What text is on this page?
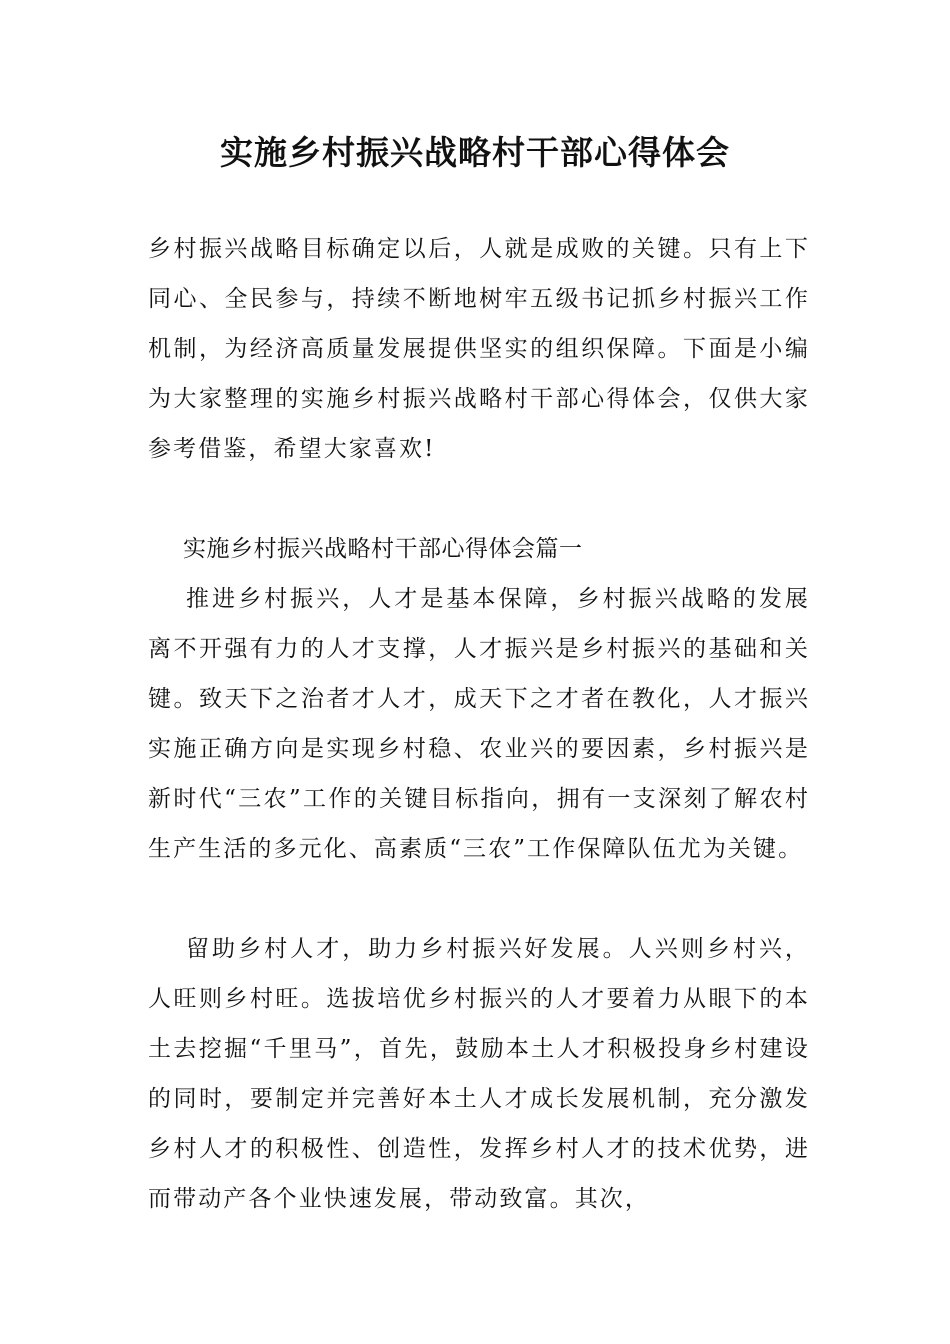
实施乡村振兴战略村干部心得体会

乡村振兴战略目标确定以后，人就是成败的关键。只有上下同心、全民参与，持续不断地树牢五级书记抓乡村振兴工作机制，为经济高质量发展提供坚实的组织保障。下面是小编为大家整理的实施乡村振兴战略村干部心得体会，仅供大家参考借鉴，希望大家喜欢!

实施乡村振兴战略村干部心得体会篇一

推进乡村振兴，人才是基本保障，乡村振兴战略的发展离不开强有力的人才支撑，人才振兴是乡村振兴的基础和关键。致天下之治者才人才，成天下之才者在教化，人才振兴实施正确方向是实现乡村稳、农业兴的要因素，乡村振兴是新时代“三农”工作的关键目标指向，拥有一支深刻了解农村生产生活的多元化、高素质“三农”工作保障队伍尤为关键。

留助乡村人才，助力乡村振兴好发展。人兴则乡村兴，人旺则乡村旺。选拔培优乡村振兴的人才要着力从眼下的本土去挖掘“千里马”，首先，鼓励本土人才积极投身乡村建设的同时，要制定并完善好本土人才成长发展机制，充分激发乡村人才的积极性、创造性，发挥乡村人才的技术优势，进而带动产各个业快速发展，带动致富。其次，
